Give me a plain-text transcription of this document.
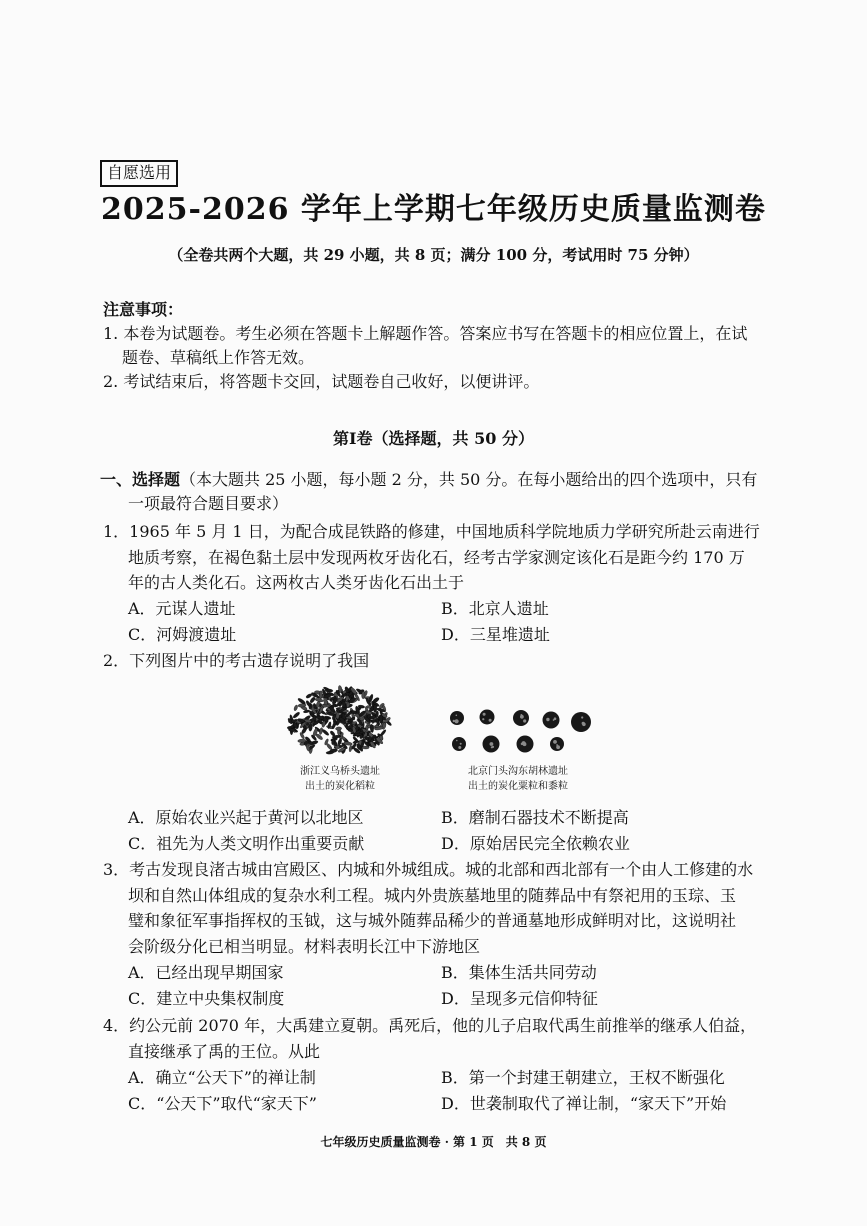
自愿选用
2025-2026 学年上学期七年级历史质量监测卷
（全卷共两个大题，共 29 小题，共 8 页；满分 100 分，考试用时 75 分钟）
注意事项：
1. 本卷为试题卷。考生必须在答题卡上解题作答。答案应书写在答题卡的相应位置上，在试
题卷、草稿纸上作答无效。
2. 考试结束后，将答题卡交回，试题卷自己收好，以便讲评。
第Ⅰ卷（选择题，共 50 分）
一、选择题（本大题共 25 小题，每小题 2 分，共 50 分。在每小题给出的四个选项中，只有
一项最符合题目要求）
1．1965 年 5 月 1 日，为配合成昆铁路的修建，中国地质科学院地质力学研究所赴云南进行
地质考察，在褐色黏土层中发现两枚牙齿化石，经考古学家测定该化石是距今约 170 万
年的古人类化石。这两枚古人类牙齿化石出土于
A．元谋人遗址	B．北京人遗址
C．河姆渡遗址	D．三星堆遗址
2．下列图片中的考古遗存说明了我国
浙江义乌桥头遗址
出土的炭化稻粒
北京门头沟东胡林遗址
出土的炭化粟粒和黍粒
A．原始农业兴起于黄河以北地区	B．磨制石器技术不断提高
C．祖先为人类文明作出重要贡献	D．原始居民完全依赖农业
3．考古发现良渚古城由宫殿区、内城和外城组成。城的北部和西北部有一个由人工修建的水
坝和自然山体组成的复杂水利工程。城内外贵族墓地里的随葬品中有祭祀用的玉琮、玉
璧和象征军事指挥权的玉钺，这与城外随葬品稀少的普通墓地形成鲜明对比，这说明社
会阶级分化已相当明显。材料表明长江中下游地区
A．已经出现早期国家	B．集体生活共同劳动
C．建立中央集权制度	D．呈现多元信仰特征
4．约公元前 2070 年，大禹建立夏朝。禹死后，他的儿子启取代禹生前推举的继承人伯益，
直接继承了禹的王位。从此
A．确立“公天下”的禅让制	B．第一个封建王朝建立，王权不断强化
C．“公天下”取代“家天下”	D．世袭制取代了禅让制，“家天下”开始
七年级历史质量监测卷 · 第 1 页　共 8 页
